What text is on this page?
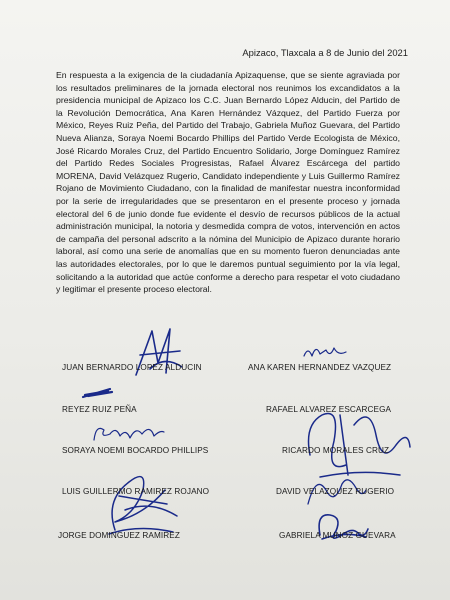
Apizaco, Tlaxcala a 8 de Junio del 2021
En respuesta a la exigencia de la ciudadanía Apizaquense, que se siente agraviada por los resultados preliminares de la jornada electoral nos reunimos los excandidatos a la presidencia municipal de Apizaco los C.C. Juan Bernardo López Alducin, del Partido de la Revolución Democrática, Ana Karen Hernández Vázquez, del Partido Fuerza por México, Reyes Ruiz Peña, del Partido del Trabajo, Gabriela Muñoz Guevara, del Partido Nueva Alianza, Soraya Noemi Bocardo Phillips del Partido Verde Ecologista de México, José Ricardo Morales Cruz, del Partido Encuentro Solidario, Jorge Domínguez Ramírez del Partido Redes Sociales Progresistas, Rafael Álvarez Escárcega del partido MORENA, David Velázquez Rugerio, Candidato independiente y Luis Guillermo Ramírez Rojano de Movimiento Ciudadano, con la finalidad de manifestar nuestra inconformidad por la serie de irregularidades que se presentaron en el presente proceso y jornada electoral del 6 de junio donde fue evidente el desvío de recursos públicos de la actual administración municipal, la notoria y desmedida compra de votos, intervención en actos de campaña del personal adscrito a la nómina del Municipio de Apizaco durante horario laboral, así como una serie de anomalías que en su momento fueron denunciadas ante las autoridades electorales, por lo que le daremos puntual seguimiento por la vía legal, solicitando a la autoridad que actúe conforme a derecho para respetar el voto ciudadano y legitimar el presente proceso electoral.
JUAN BERNARDO LOPEZ ALDUCIN
REYEZ RUIZ PEÑA
SORAYA NOEMI BOCARDO PHILLIPS
LUIS GUILLERMO RAMIREZ ROJANO
JORGE DOMINGUEZ RAMIREZ
ANA KAREN HERNANDEZ VAZQUEZ
RAFAEL ALVAREZ ESCARCEGA
RICARDO MORALES CRUZ
DAVID VELAZQUEZ RUGERIO
GABRIELA MUNOZ GUEVARA
